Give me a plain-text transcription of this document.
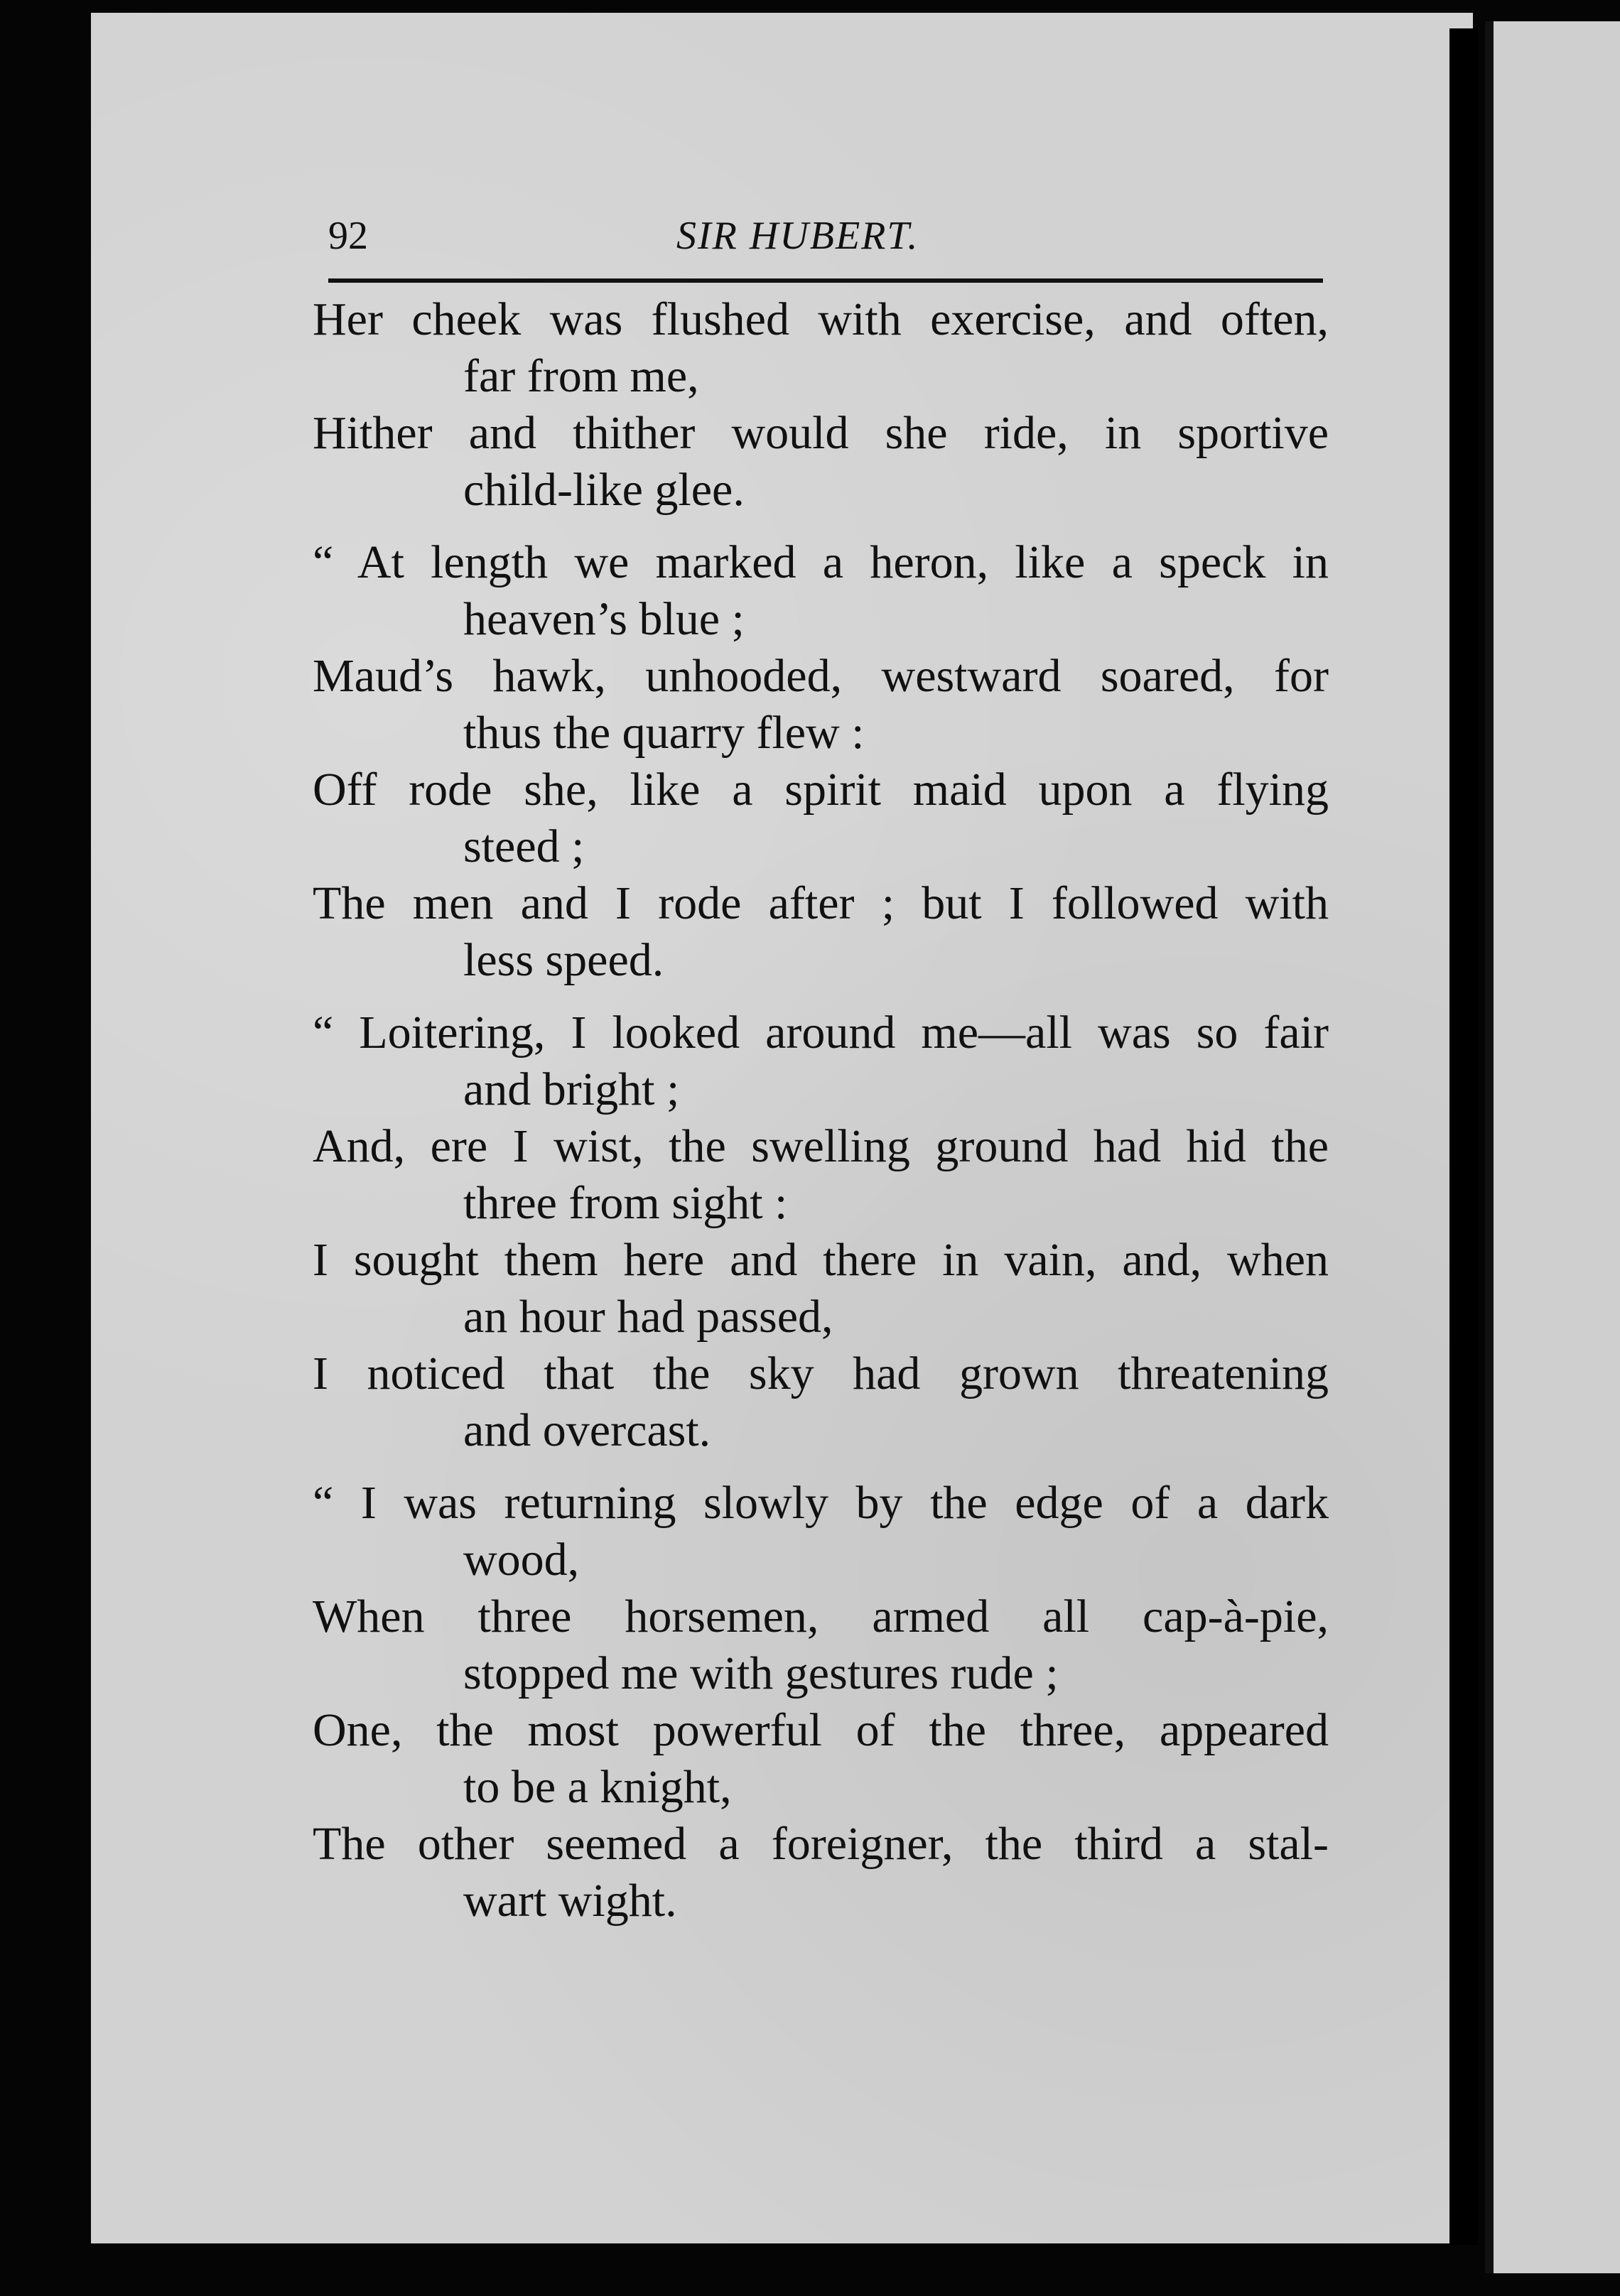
92	SIR HUBERT.
Her cheek was flushed with exercise, and often,
far from me,
Hither and thither would she ride, in sportive
child-like glee.
“ At length we marked a heron, like a speck in
heaven’s blue ;
Maud’s hawk, unhooded, westward soared, for
thus the quarry flew :
Off rode she, like a spirit maid upon a flying
steed ;
The men and I rode after ; but I followed with
less speed.
“ Loitering, I looked around me—all was so fair
and bright ;
And, ere I wist, the swelling ground had hid the
three from sight :
I sought them here and there in vain, and, when
an hour had passed,
I noticed that the sky had grown threatening
and overcast.
“ I was returning slowly by the edge of a dark
wood,
When three horsemen, armed all cap-à-pie,
stopped me with gestures rude ;
One, the most powerful of the three, appeared
to be a knight,
The other seemed a foreigner, the third a stal-
wart wight.
